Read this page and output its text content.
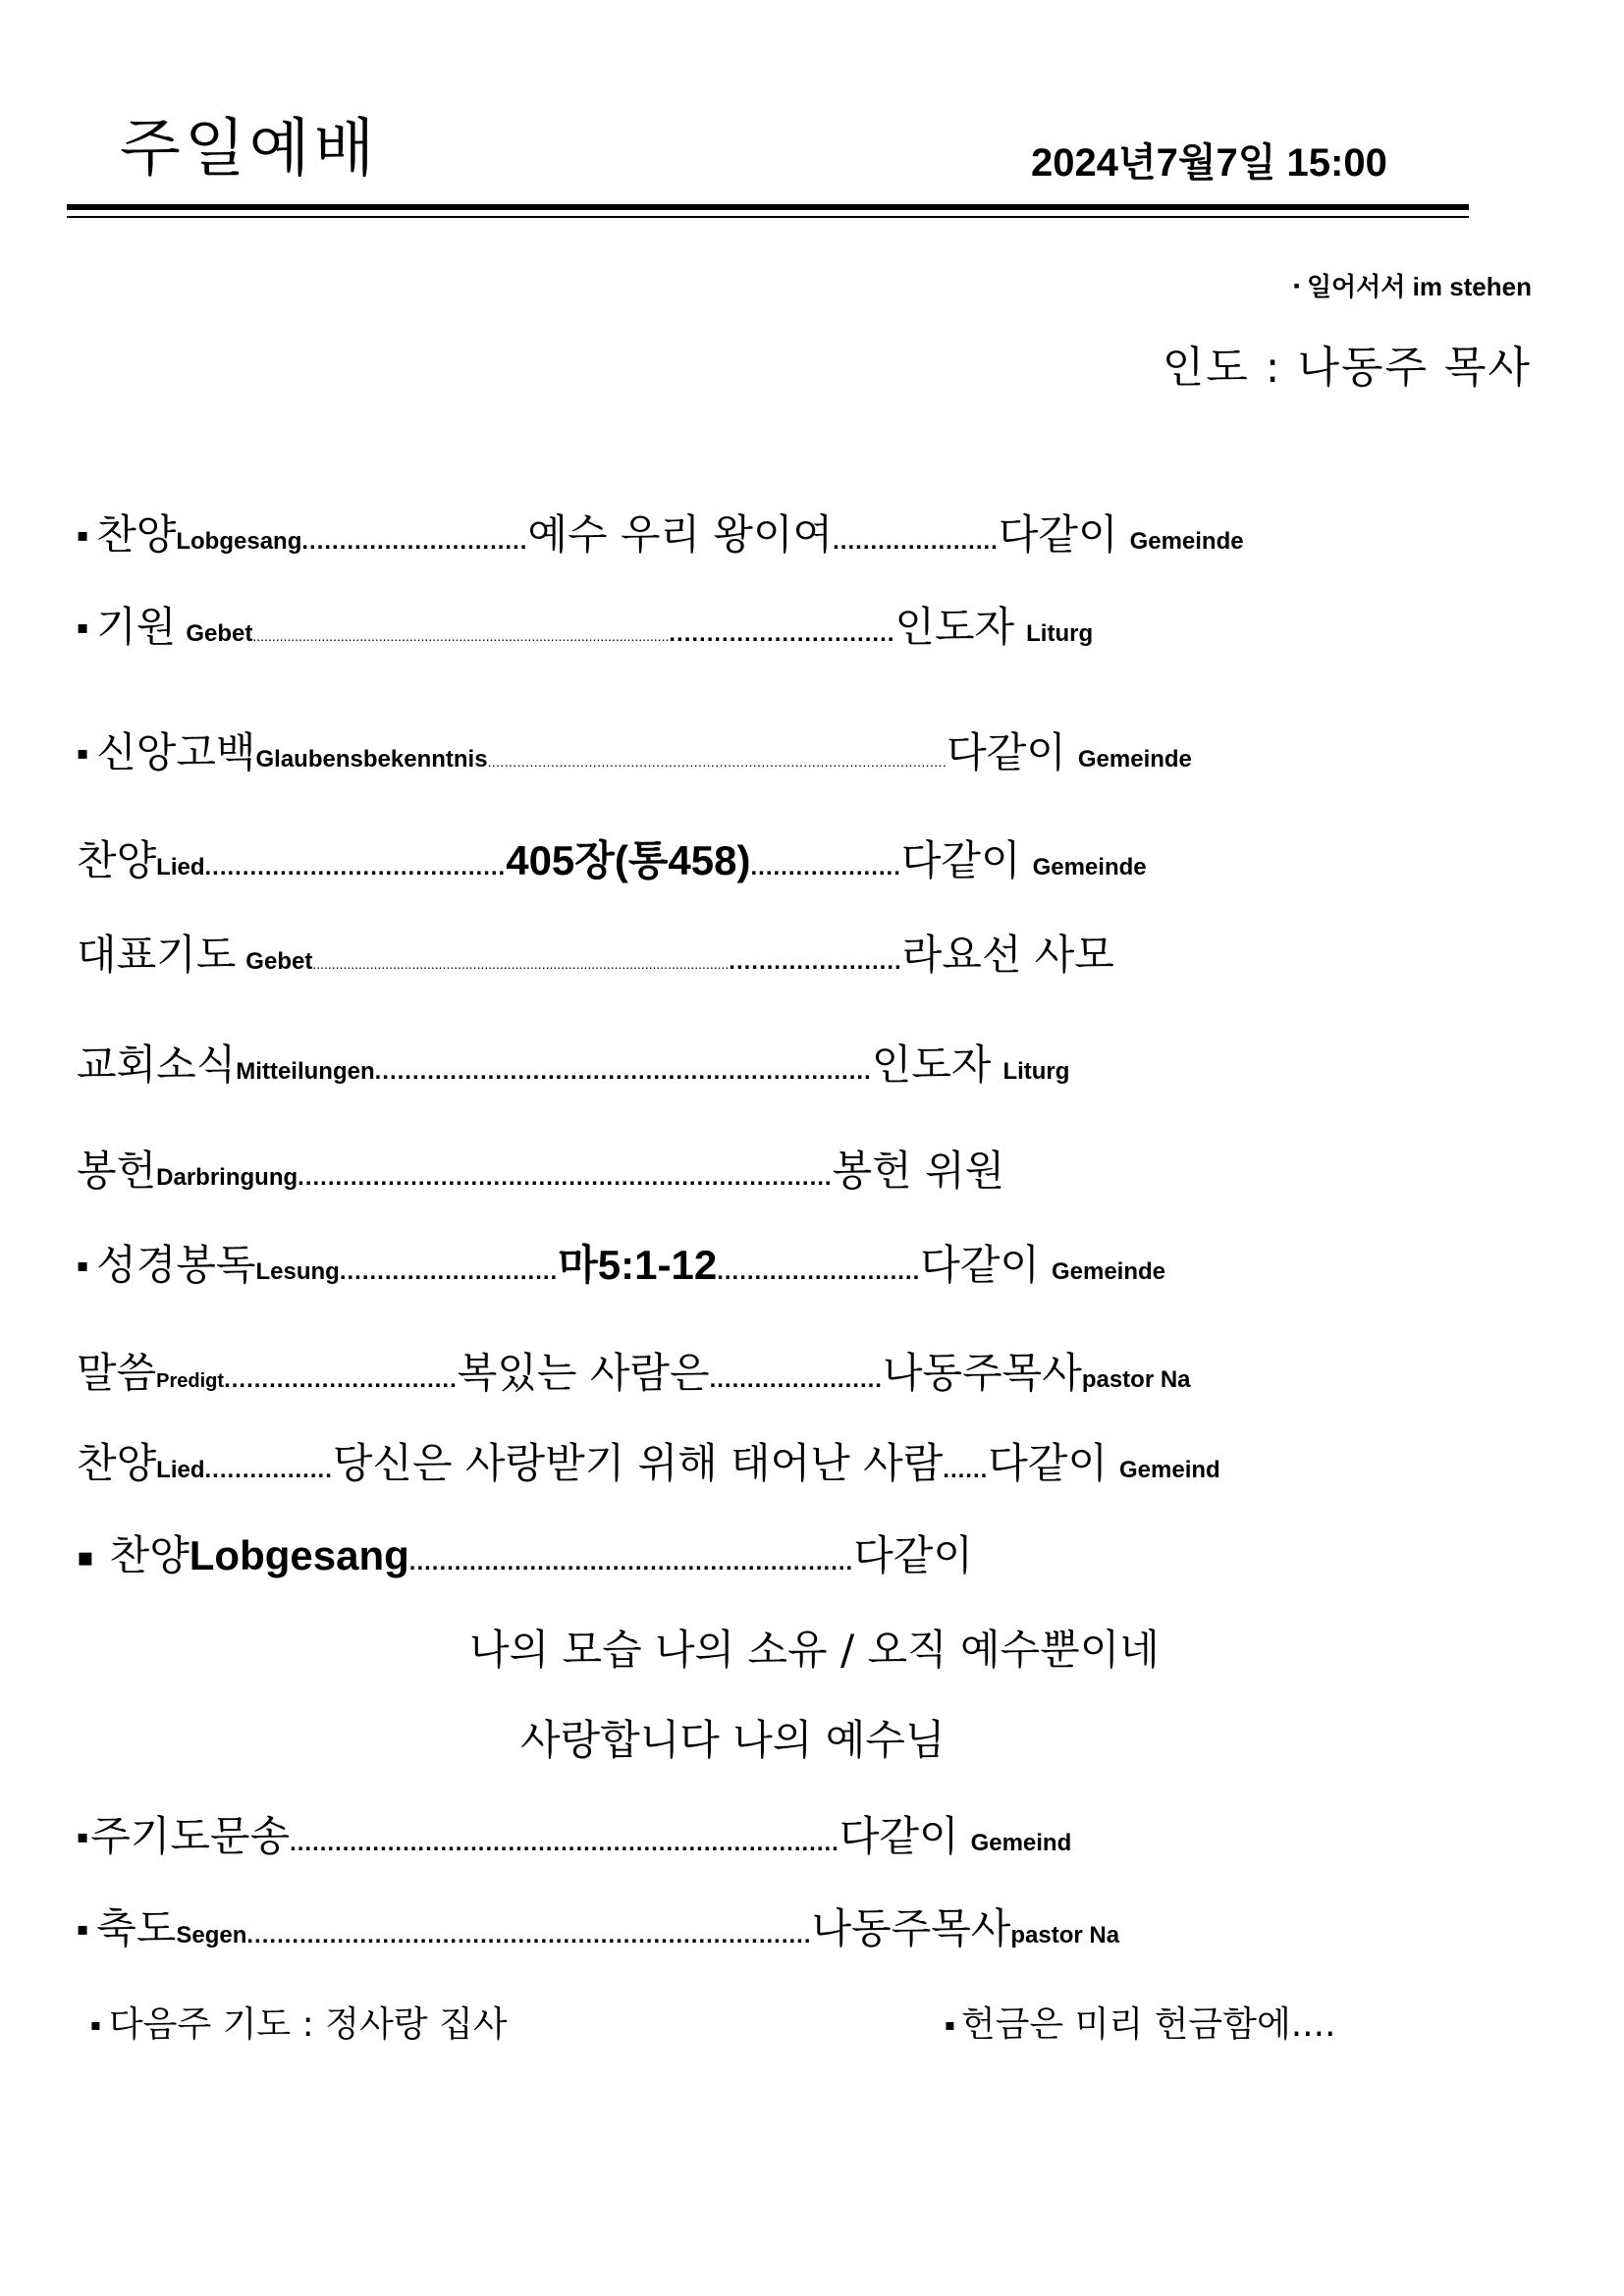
주일예배	2024년7월7일 15:00
▪ 일어서서 im stehen
인도 : 나동주 목사
▪ 찬양 Lobgesang .............................. 예수 우리 왕이여 ...................... 다같이 Gemeinde
▪ 기원 Gebet ............................................................................................................. .............................. 인도자 Liturg
▪ 신앙고백 Glaubensbekenntnis ............................................................................................................. 다같이 Gemeinde
찬양 Lied ........................................ 405장(통458) .................... 다같이 Gemeinde
대표기도 Gebet ............................................................................................................. ....................... 라요선 사모
교회소식 Mitteilungen .................................................................. 인도자 Liturg
봉헌 Darbringung ....................................................................... 봉헌 위원
▪ 성경봉독 Lesung ............................. 마5:1-12 ........................... 다같이 Gemeinde
말씀 Predigt ............................... 복있는 사람은 ....................... 나동주목사 pastor Na
찬양 Lied ................. 당신은 사랑받기 위해 태어난 사람 ...... 다같이 Gemeind
▪ 찬양 Lobgesang ........................................................... 다같이
나의 모습 나의 소유 / 오직 예수뿐이네
사랑합니다 나의 예수님
▪ 주기도문송 ......................................................................... 다같이 Gemeind
▪ 축도 Segen ........................................................................... 나동주목사 pastor Na
▪ 다음주 기도 : 정사랑 집사	▪ 헌금은 미리 헌금함에....
